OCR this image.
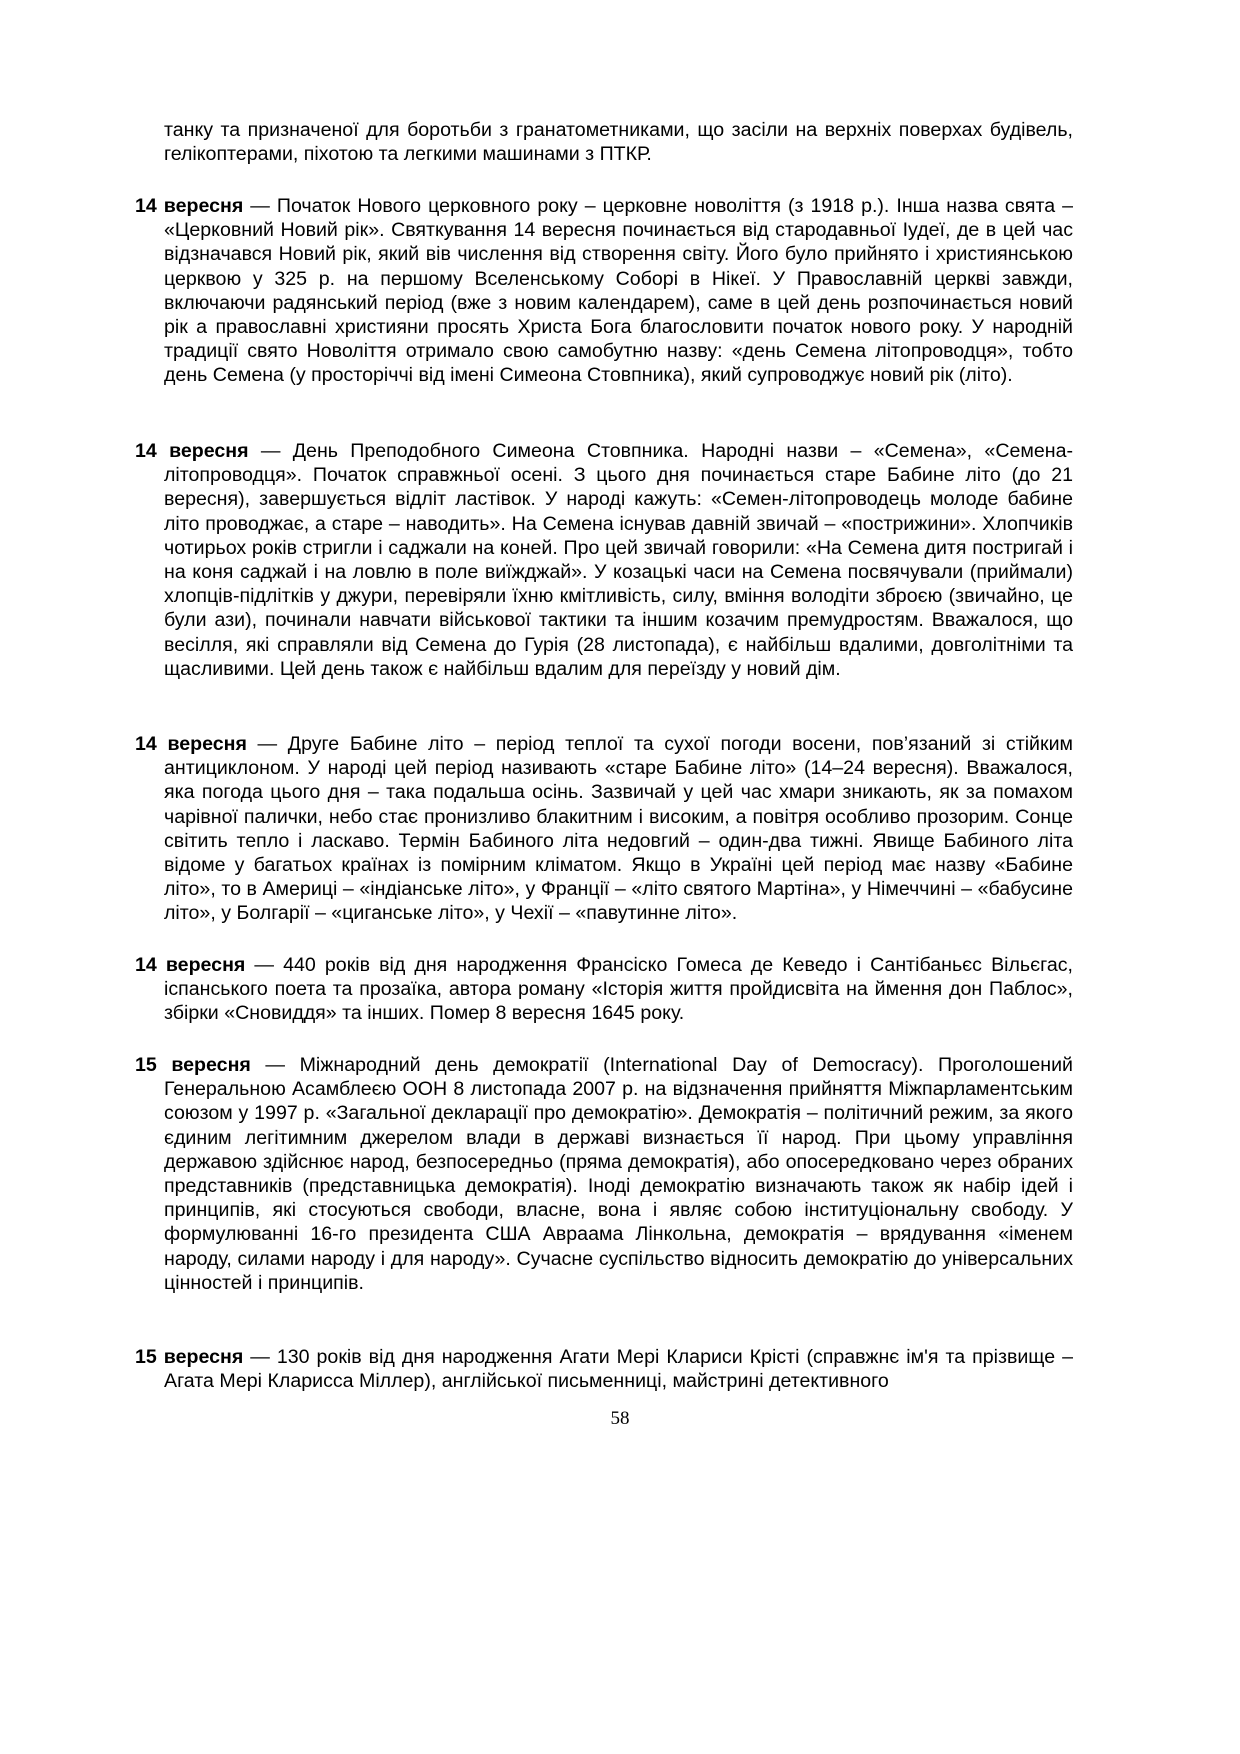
танку та призначеної для боротьби з гранатометниками, що засіли на верхніх поверхах будівель, гелікоптерами, піхотою та легкими машинами з ПТКР.

14 вересня — Початок Нового церковного року – церковне новоліття (з 1918 р.). Інша назва свята – «Церковний Новий рік». Святкування 14 вересня починається від стародавньої Іудеї, де в цей час відзначався Новий рік, який вів числення від створення світу. Його було прийнято і християнською церквою у 325 р. на першому Вселенському Соборі в Нікеї. У Православній церкві завжди, включаючи радянський період (вже з новим календарем), саме в цей день розпочинається новий рік а православні християни просять Христа Бога благословити початок нового року. У народній традиції свято Новоліття отримало свою самобутню назву: «день Семена літопроводця», тобто день Семена (у просторіччі від імені Симеона Стовпника), який супроводжує новий рік (літо).

14 вересня — День Преподобного Симеона Стовпника. Народні назви – «Семена», «Семена-літопроводця». Початок справжньої осені. З цього дня починається старе Бабине літо (до 21 вересня), завершується відліт ластівок. У народі кажуть: «Семен-літопроводець молоде бабине літо проводжає, а старе – наводить». На Семена існував давній звичай – «пострижини». Хлопчиків чотирьох років стригли і саджали на коней. Про цей звичай говорили: «На Семена дитя постригай і на коня саджай і на ловлю в поле виїжджай». У козацькі часи на Семена посвячували (приймали) хлопців-підлітків у джури, перевіряли їхню кмітливість, силу, вміння володіти зброєю (звичайно, це були ази), починали навчати військової тактики та іншим козачим премудростям. Вважалося, що весілля, які справляли від Семена до Гурія (28 листопада), є найбільш вдалими, довголітніми та щасливими. Цей день також є найбільш вдалим для переїзду у новий дім.

14 вересня — Друге Бабине літо – період теплої та сухої погоди восени, пов’язаний зі стійким антициклоном. У народі цей період називають «старе Бабине літо» (14–24 вересня). Вважалося, яка погода цього дня – така подальша осінь. Зазвичай у цей час хмари зникають, як за помахом чарівної палички, небо стає пронизливо блакитним і високим, а повітря особливо прозорим. Сонце світить тепло і ласкаво. Термін Бабиного літа недовгий – один-два тижні. Явище Бабиного літа відоме у багатьох країнах із помірним кліматом. Якщо в Україні цей період має назву «Бабине літо», то в Америці – «індіанське літо», у Франції – «літо святого Мартіна», у Німеччині – «бабусине літо», у Болгарії – «циганське літо», у Чехії – «павутинне літо».

14 вересня — 440 років від дня народження Франсіско Гомеса де Кеведо і Сантібаньєс Вільєгас, іспанського поета та прозаїка, автора роману «Історія життя пройдисвіта на ймення дон Паблос», збірки «Сновиддя» та інших. Помер 8 вересня 1645 року.

15 вересня — Міжнародний день демократії (International Day of Democracy). Проголошений Генеральною Асамблеєю ООН 8 листопада 2007 р. на відзначення прийняття Міжпарламентським союзом у 1997 р. «Загальної декларації про демократію». Демократія – політичний режим, за якого єдиним легітимним джерелом влади в державі визнається її народ. При цьому управління державою здійснює народ, безпосередньо (пряма демократія), або опосередковано через обраних представників (представницька демократія). Іноді демократію визначають також як набір ідей і принципів, які стосуються свободи, власне, вона і являє собою інституціональну свободу. У формулюванні 16-го президента США Авраама Лінкольна, демократія – врядування «іменем народу, силами народу і для народу». Сучасне суспільство відносить демократію до універсальних цінностей і принципів.

15 вересня — 130 років від дня народження Агати Мері Клариси Крісті (справжнє ім'я та прізвище – Агата Мері Кларисса Міллер), англійської письменниці, майстрині детективного

58
